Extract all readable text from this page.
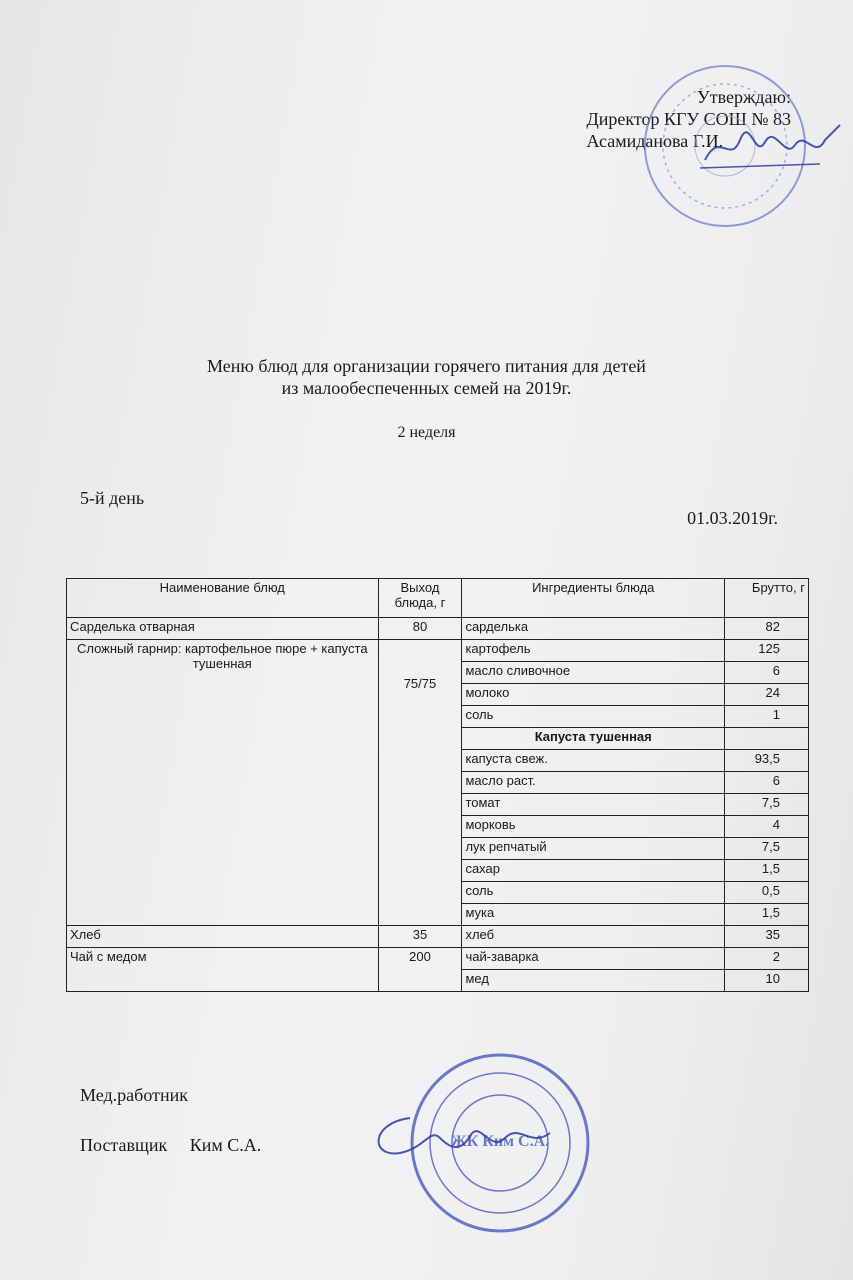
Утверждаю:
Директор КГУ СОШ № 83
Асамиданова Г.И.
Меню блюд для организации горячего питания для детей
из малообеспеченных семей на 2019г.
2 неделя
5-й день
01.03.2019г.
Наименование блюд	Выход блюда, г	Ингредиенты блюда	Брутто, г
Сарделька отварная	80	сарделька	82
Сложный гарнир: картофельное пюре + капуста тушенная	75/75	картофель	125
		масло сливочное	6
		молоко	24
		соль	1
		Капуста тушенная	
		капуста свеж.	93,5
		масло раст.	6
		томат	7,5
		морковь	4
		лук репчатый	7,5
		сахар	1,5
		соль	0,5
		мука	1,5
Хлеб	35	хлеб	35
Чай с медом	200	чай-заварка	2
		мед	10
Мед.работник
Поставщик Ким С.А.	ЖК Ким С.А.
